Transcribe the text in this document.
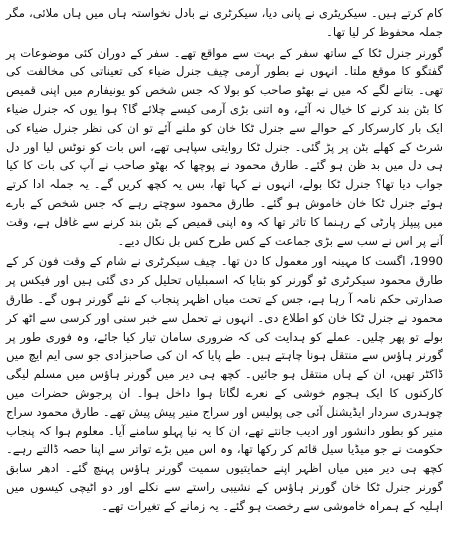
کام کرتے ہیں۔ سیکریٹری نے پانی دیا، سیکرٹری نے بادل نخواستہ ہاں میں ہاں ملائی، مگر جملہ محفوظ کر لیا تھا۔

گورنر جنرل ٹکا کے ساتھ سفر کے بہت سے مواقع تھے۔ سفر کے دوران کئی موضوعات پر گفتگو کا موقع ملتا۔ انہوں نے بطور آرمی چیف جنرل ضیاء کی تعیناتی کی مخالفت کی تھی۔ بتانے لگے کہ میں نے بھٹو صاحب کو بولا کہ جس شخص کو یونیفارم میں اپنی قمیص کا بٹن بند کرنے کا خیال نہ آئے، وہ اتنی بڑی آرمی کیسے چلائے گا؟ ہوا یوں کہ جنرل ضیاء ایک بار کارسرکار کے حوالے سے جنرل ٹکا خان کو ملنے آئے تو ان کی نظر جنرل ضیاء کی شرٹ کے کھلے بٹن پر پڑ گئی۔ جنرل ٹکا روایتی سپاہی تھے، اس بات کو نوٹس لیا اور دل ہی دل میں بد ظن ہو گئے۔ طارق محمود نے پوچھا کہ بھٹو صاحب نے آپ کی بات کا کیا جواب دیا تھا؟ جنرل ٹکا بولے، انہوں نے کہا تھا، بس یہ کچھ کریں گے۔ یہ جملہ ادا کرتے ہوئے جنرل ٹکا خان خاموش ہو گئے۔ طارق محمود سوچتے رہے کہ جس شخص کے بارے میں پیپلز پارٹی کے رہنما کا تاثر تھا کہ وہ اپنی قمیص کے بٹن بند کرنے سے غافل ہے، وقت آنے پر اس نے سب سے بڑی جماعت کے کس طرح کس بل نکال دیے۔

1990، اگست کا مہینہ اور معمول کا دن تھا۔ چیف سیکرٹری نے شام کے وقت فون کر کے طارق محمود سیکرٹری ٹو گورنر کو بتایا کہ اسمبلیاں تحلیل کر دی گئی ہیں اور فیکس پر صدارتی حکم نامہ آ رہا ہے، جس کے تحت میاں اظہر پنجاب کے نئے گورنر ہوں گے۔ طارق محمود نے جنرل ٹکا خان کو اطلاع دی۔ انہوں نے تحمل سے خبر سنی اور کرسی سے اٹھ کر بولے تو پھر چلیں۔ عملے کو ہدایت کی کہ ضروری سامان تیار کیا جائے، وہ فوری طور پر گورنر ہاؤس سے منتقل ہونا چاہتے ہیں۔ طے پایا کہ ان کی صاحبزادی جو سی ایم ایچ میں ڈاکٹر تھیں، ان کے ہاں منتقل ہو جائیں۔ کچھ ہی دیر میں گورنر ہاؤس میں مسلم لیگی کارکنوں کا ایک ہجوم خوشی کے نعرے لگاتا ہوا داخل ہوا۔ ان پرجوش حضرات میں چوہدری سردار ایڈیشنل آئی جی پولیس اور سراج منیر پیش پیش تھے۔ طارق محمود سراج منیر کو بطور دانشور اور ادیب جانتے تھے، ان کا یہ نیا پہلو سامنے آیا۔ معلوم ہوا کہ پنجاب حکومت نے جو میڈیا سیل قائم کر رکھا تھا، وہ اس میں بڑے تواتر سے اپنا حصہ ڈالتے رہے۔ کچھ ہی دیر میں میاں اظہر اپنے حمایتیوں سمیت گورنر ہاؤس پہنچ گئے۔ ادھر سابق گورنر جنرل ٹکا خان گورنر ہاؤس کے نشیبی راستے سے نکلے اور دو اٹیچی کیسوں میں اہلیہ کے ہمراہ خاموشی سے رخصت ہو گئے۔ یہ زمانے کے تغیرات تھے۔
